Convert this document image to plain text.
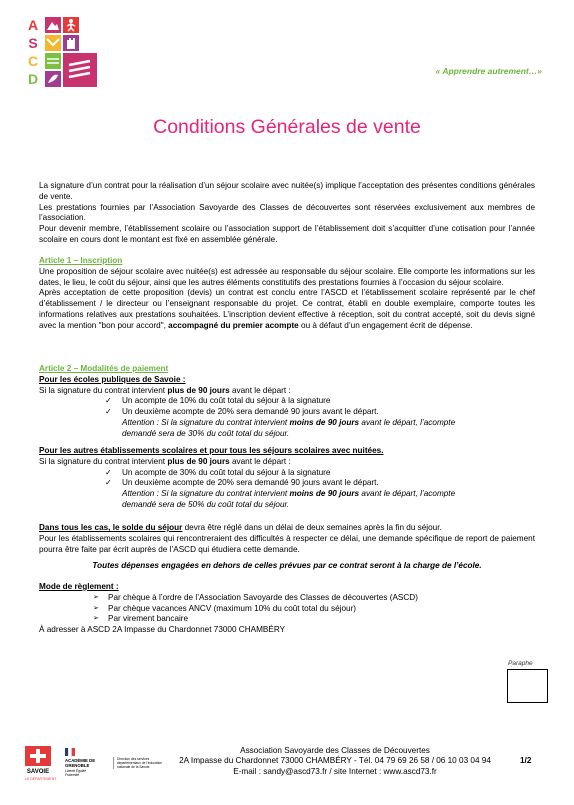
A
S
C
D	« Apprendre autrement…»
Conditions Générales de vente

La signature d’un contrat pour la réalisation d’un séjour scolaire avec nuitée(s) implique l’acceptation des présentes conditions générales de vente.

Les prestations fournies par l’Association Savoyarde des Classes de découvertes sont réservées exclusivement aux membres de l’association.

Pour devenir membre, l’établissement scolaire ou l’association support de l’établissement doit s’acquitter d’une cotisation pour l’année scolaire en cours dont le montant est fixé en assemblée générale.

Article 1 – Inscription

Une proposition de séjour scolaire avec nuitée(s) est adressée au responsable du séjour scolaire. Elle comporte les informations sur les dates, le lieu, le coût du séjour, ainsi que les autres éléments constitutifs des prestations fournies à l’occasion du séjour scolaire.

Après acceptation de cette proposition (devis) un contrat est conclu entre l’ASCD et l’établissement scolaire représenté par le chef d’établissement / le directeur ou l’enseignant responsable du projet. Ce contrat, établi en double exemplaire, comporte toutes les informations relatives aux prestations souhaitées. L’inscription devient effective à réception, soit du contrat accepté, soit du devis signé avec la mention "bon pour accord", accompagné du premier acompte ou à défaut d’un engagement écrit de dépense.

Article 2 – Modalités de paiement

Pour les écoles publiques de Savoie :

Si la signature du contrat intervient plus de 90 jours avant le départ :

✓	Un acompte de 10% du coût total du séjour à la signature

✓	Un deuxième acompte de 20% sera demandé 90 jours avant le départ.

Attention : Si la signature du contrat intervient moins de 90 jours avant le départ, l’acompte
demandé sera de 30% du coût total du séjour.

Pour les autres établissements scolaires et pour tous les séjours scolaires avec nuitées.

Si la signature du contrat intervient plus de 90 jours avant le départ :

✓	Un acompte de 30% du coût total du séjour à la signature

✓	Un deuxième acompte de 20% sera demandé 90 jours avant le départ.

Attention : Si la signature du contrat intervient moins de 90 jours avant le départ, l’acompte
demandé sera de 50% du coût total du séjour.

Dans tous les cas, le solde du séjour devra être réglé dans un délai de deux semaines après la fin du séjour.

Pour les établissements scolaires qui rencontreraient des difficultés à respecter ce délai, une demande spécifique de report de paiement pourra être faite par écrit auprès de l’ASCD qui étudiera cette demande.

Toutes dépenses engagées en dehors de celles prévues par ce contrat seront à la charge de l’école.

Mode de règlement :

➢	Par chèque à l’ordre de l’Association Savoyarde des Classes de découvertes (ASCD)

➢	Par chèque vacances ANCV (maximum 10% du coût total du séjour)

➢	Par virement bancaire

À adresser à ASCD 2A Impasse du Chardonnet 73000 CHAMBÉRY

Paraphe
SAVOIE
LE DÉPARTEMENT
ACADÉMIE DE GRENOBLE
Liberté Égalité Fraternité
Direction des services départementaux de l’éducation nationale de la Savoie
Association Savoyarde des Classes de Découvertes
2A Impasse du Chardonnet 73000 CHAMBÉRY - Tél. 04 79 69 26 58 / 06 10 03 04 94
E-mail : sandy@ascd73.fr / site Internet : www.ascd73.fr
1/2
